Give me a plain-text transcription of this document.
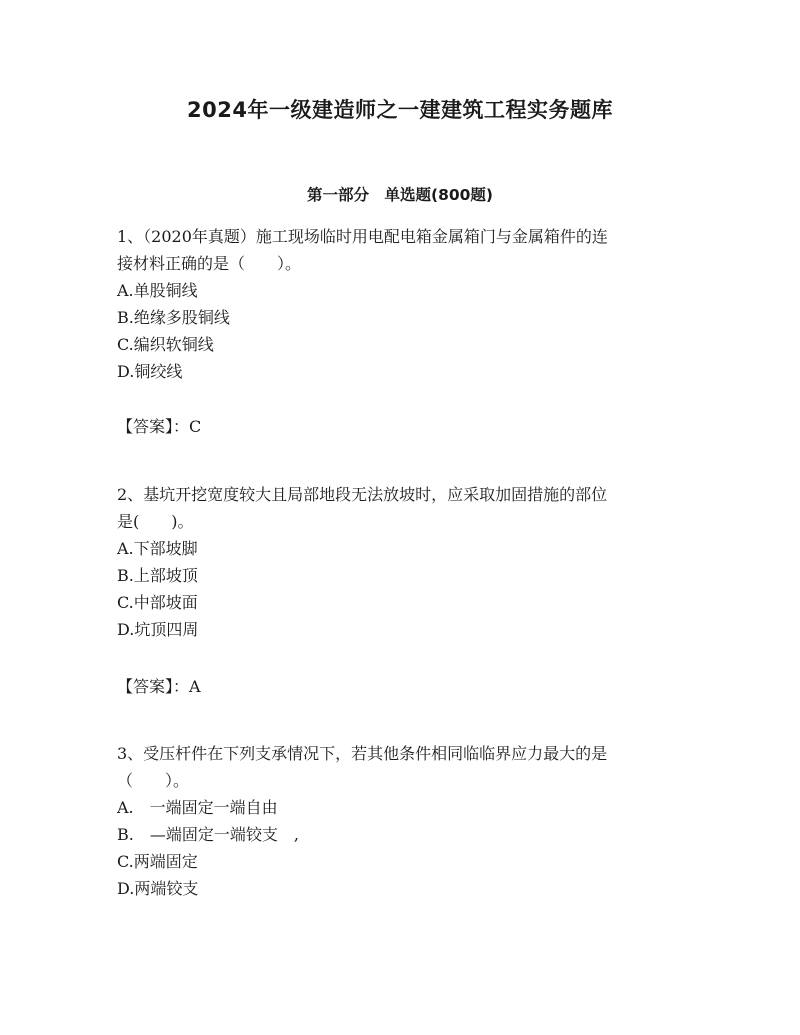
2024年一级建造师之一建建筑工程实务题库
第一部分　单选题(800题)
1、（2020年真题）施工现场临时用电配电箱金属箱门与金属箱件的连
接材料正确的是（　　）。
A.单股铜线
B.绝缘多股铜线
C.编织软铜线
D.铜绞线
【答案】：C
2、基坑开挖宽度较大且局部地段无法放坡时，应采取加固措施的部位
是(　　)。
A.下部坡脚
B.上部坡顶
C.中部坡面
D.坑顶四周
【答案】：A
3、受压杆件在下列支承情况下，若其他条件相同临临界应力最大的是
（　　）。
A.　一端固定一端自由
B.　—端固定一端铰支　,
C.两端固定
D.两端铰支
